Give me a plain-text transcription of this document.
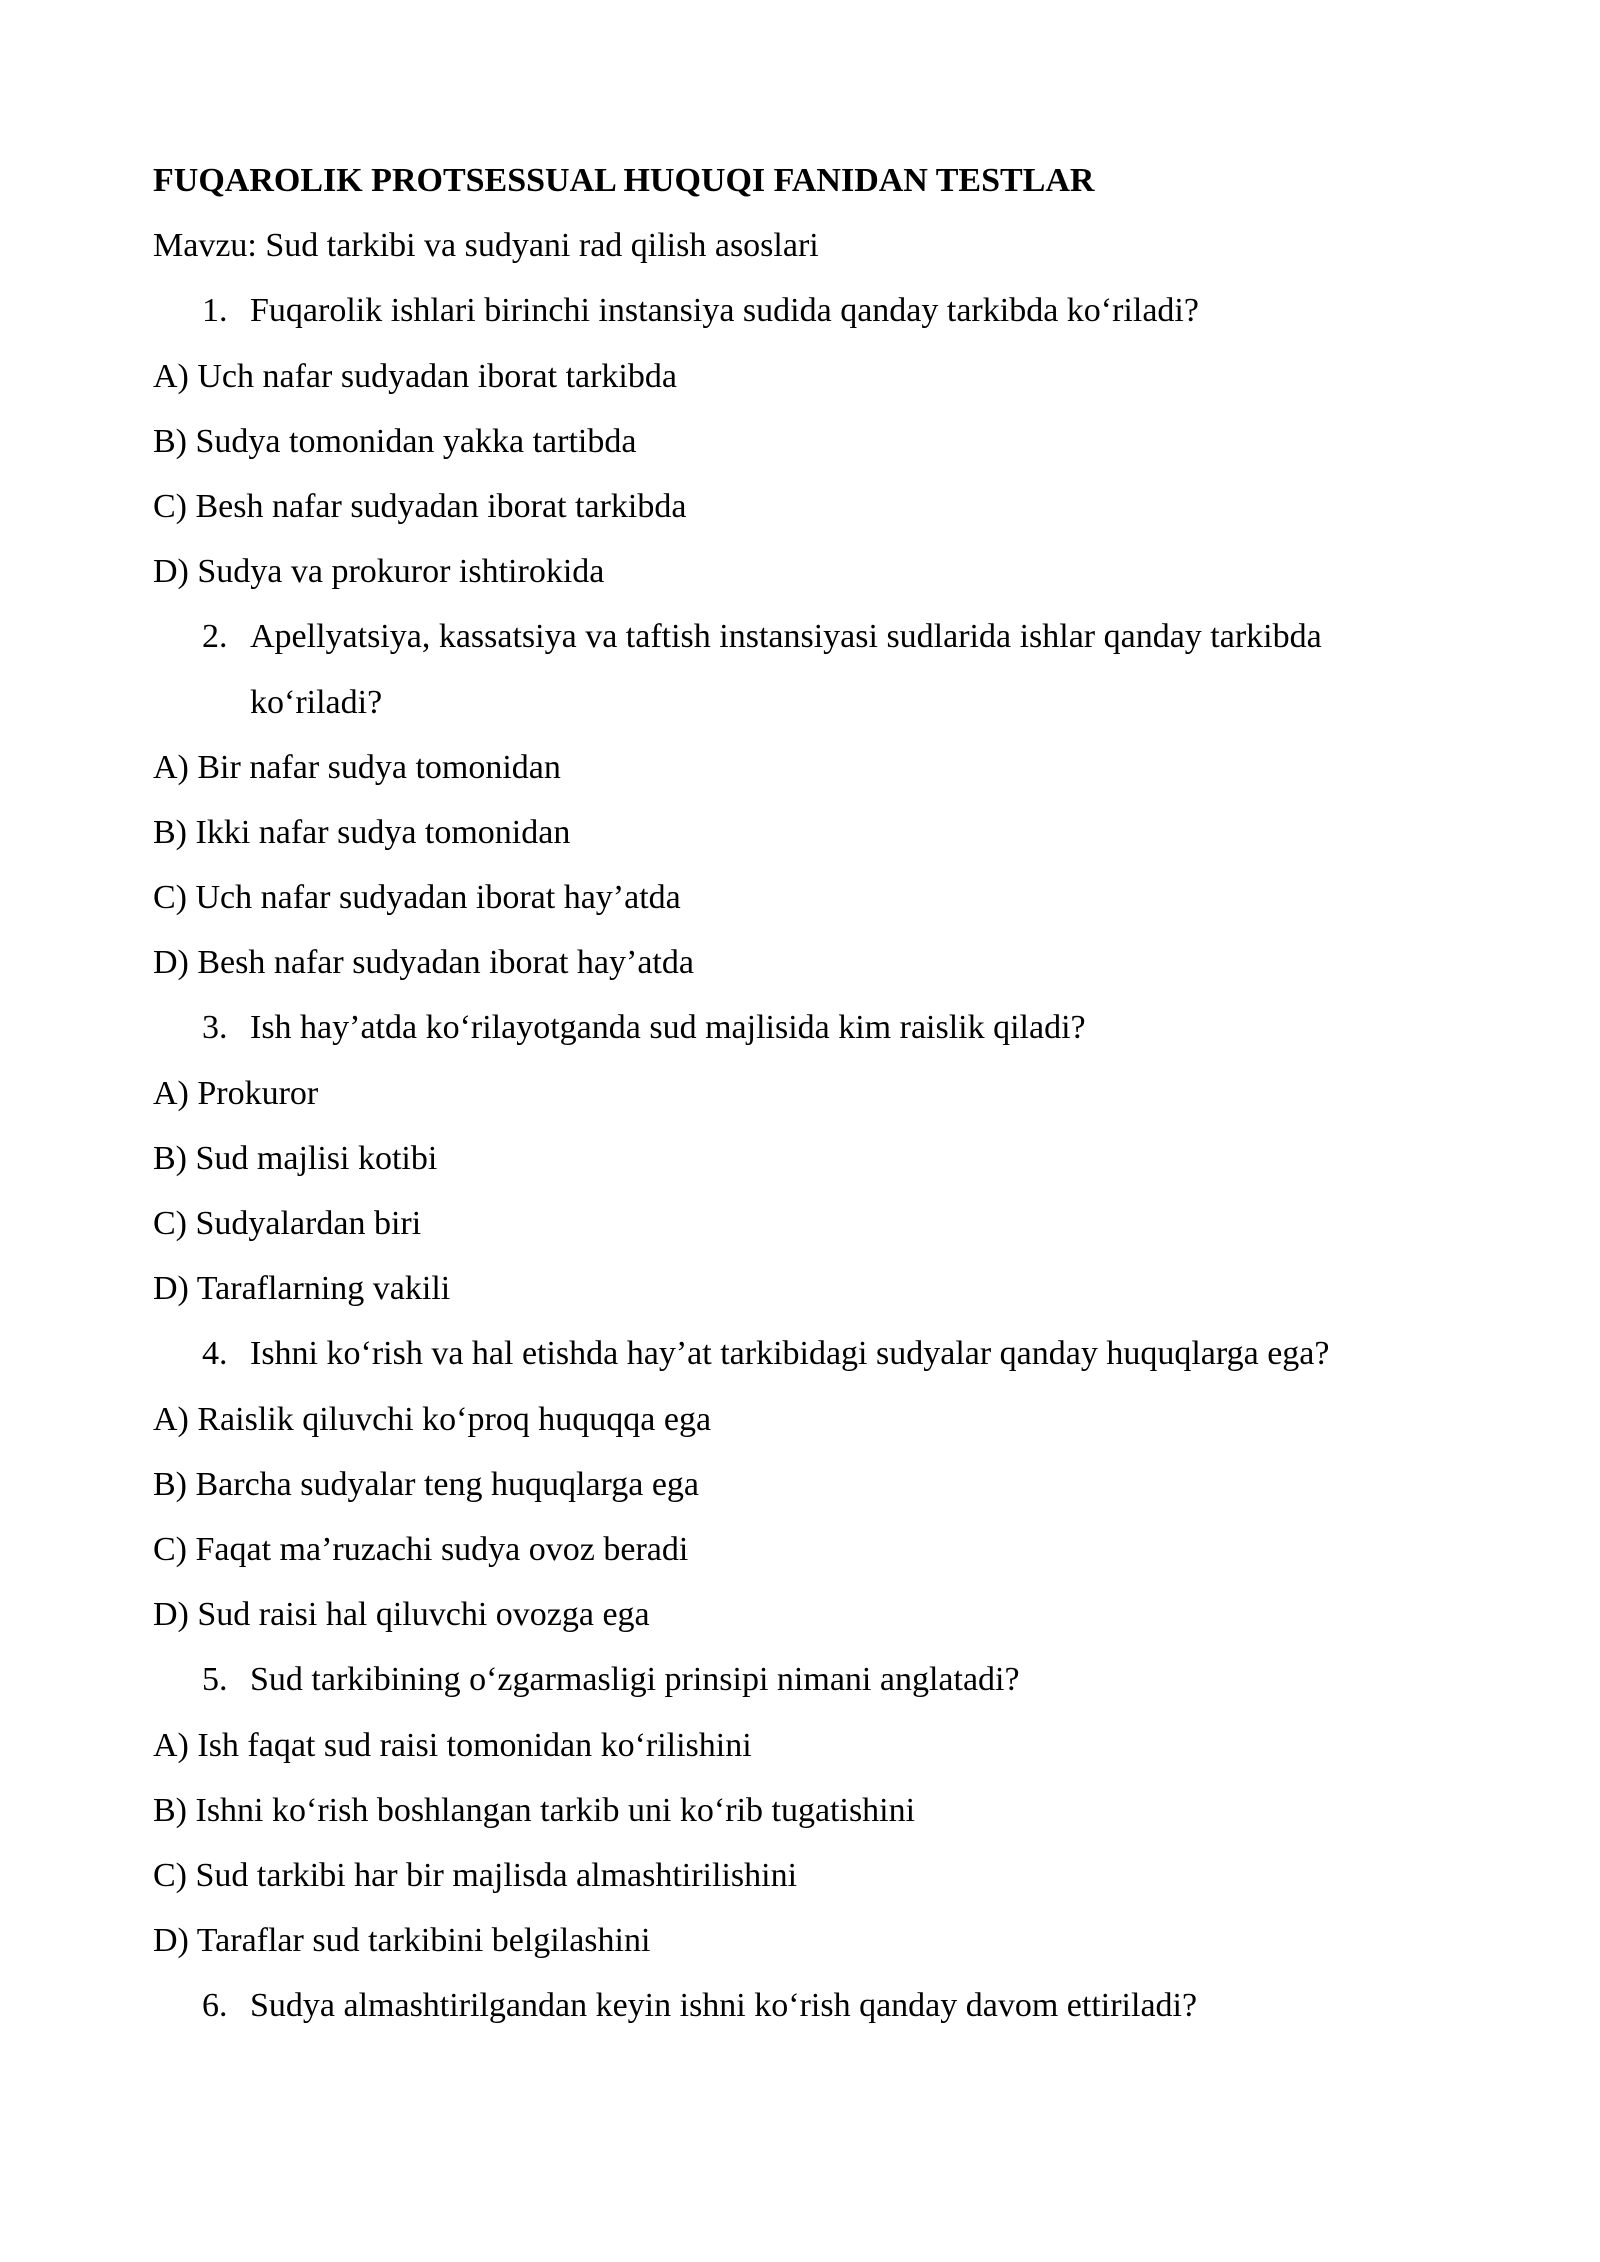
FUQAROLIK PROTSESSUAL HUQUQI FANIDAN TESTLAR
Mavzu: Sud tarkibi va sudyani rad qilish asoslari
1. Fuqarolik ishlari birinchi instansiya sudida qanday tarkibda ko‘riladi?
A) Uch nafar sudyadan iborat tarkibda
B) Sudya tomonidan yakka tartibda
C) Besh nafar sudyadan iborat tarkibda
D) Sudya va prokuror ishtirokida
2. Apellyatsiya, kassatsiya va taftish instansiyasi sudlarida ishlar qanday tarkibda ko‘riladi?
A) Bir nafar sudya tomonidan
B) Ikki nafar sudya tomonidan
C) Uch nafar sudyadan iborat hay’atda
D) Besh nafar sudyadan iborat hay’atda
3. Ish hay’atda ko‘rilayotganda sud majlisida kim raislik qiladi?
A) Prokuror
B) Sud majlisi kotibi
C) Sudyalardan biri
D) Taraflarning vakili
4. Ishni ko‘rish va hal etishda hay’at tarkibidagi sudyalar qanday huquqlarga ega?
A) Raislik qiluvchi ko‘proq huquqqa ega
B) Barcha sudyalar teng huquqlarga ega
C) Faqat ma’ruzachi sudya ovoz beradi
D) Sud raisi hal qiluvchi ovozga ega
5. Sud tarkibining o‘zgarmasligi prinsipi nimani anglatadi?
A) Ish faqat sud raisi tomonidan ko‘rilishini
B) Ishni ko‘rish boshlangan tarkib uni ko‘rib tugatishini
C) Sud tarkibi har bir majlisda almashtirilishini
D) Taraflar sud tarkibini belgilashini
6. Sudya almashtirilgandan keyin ishni ko‘rish qanday davom ettiriladi?
